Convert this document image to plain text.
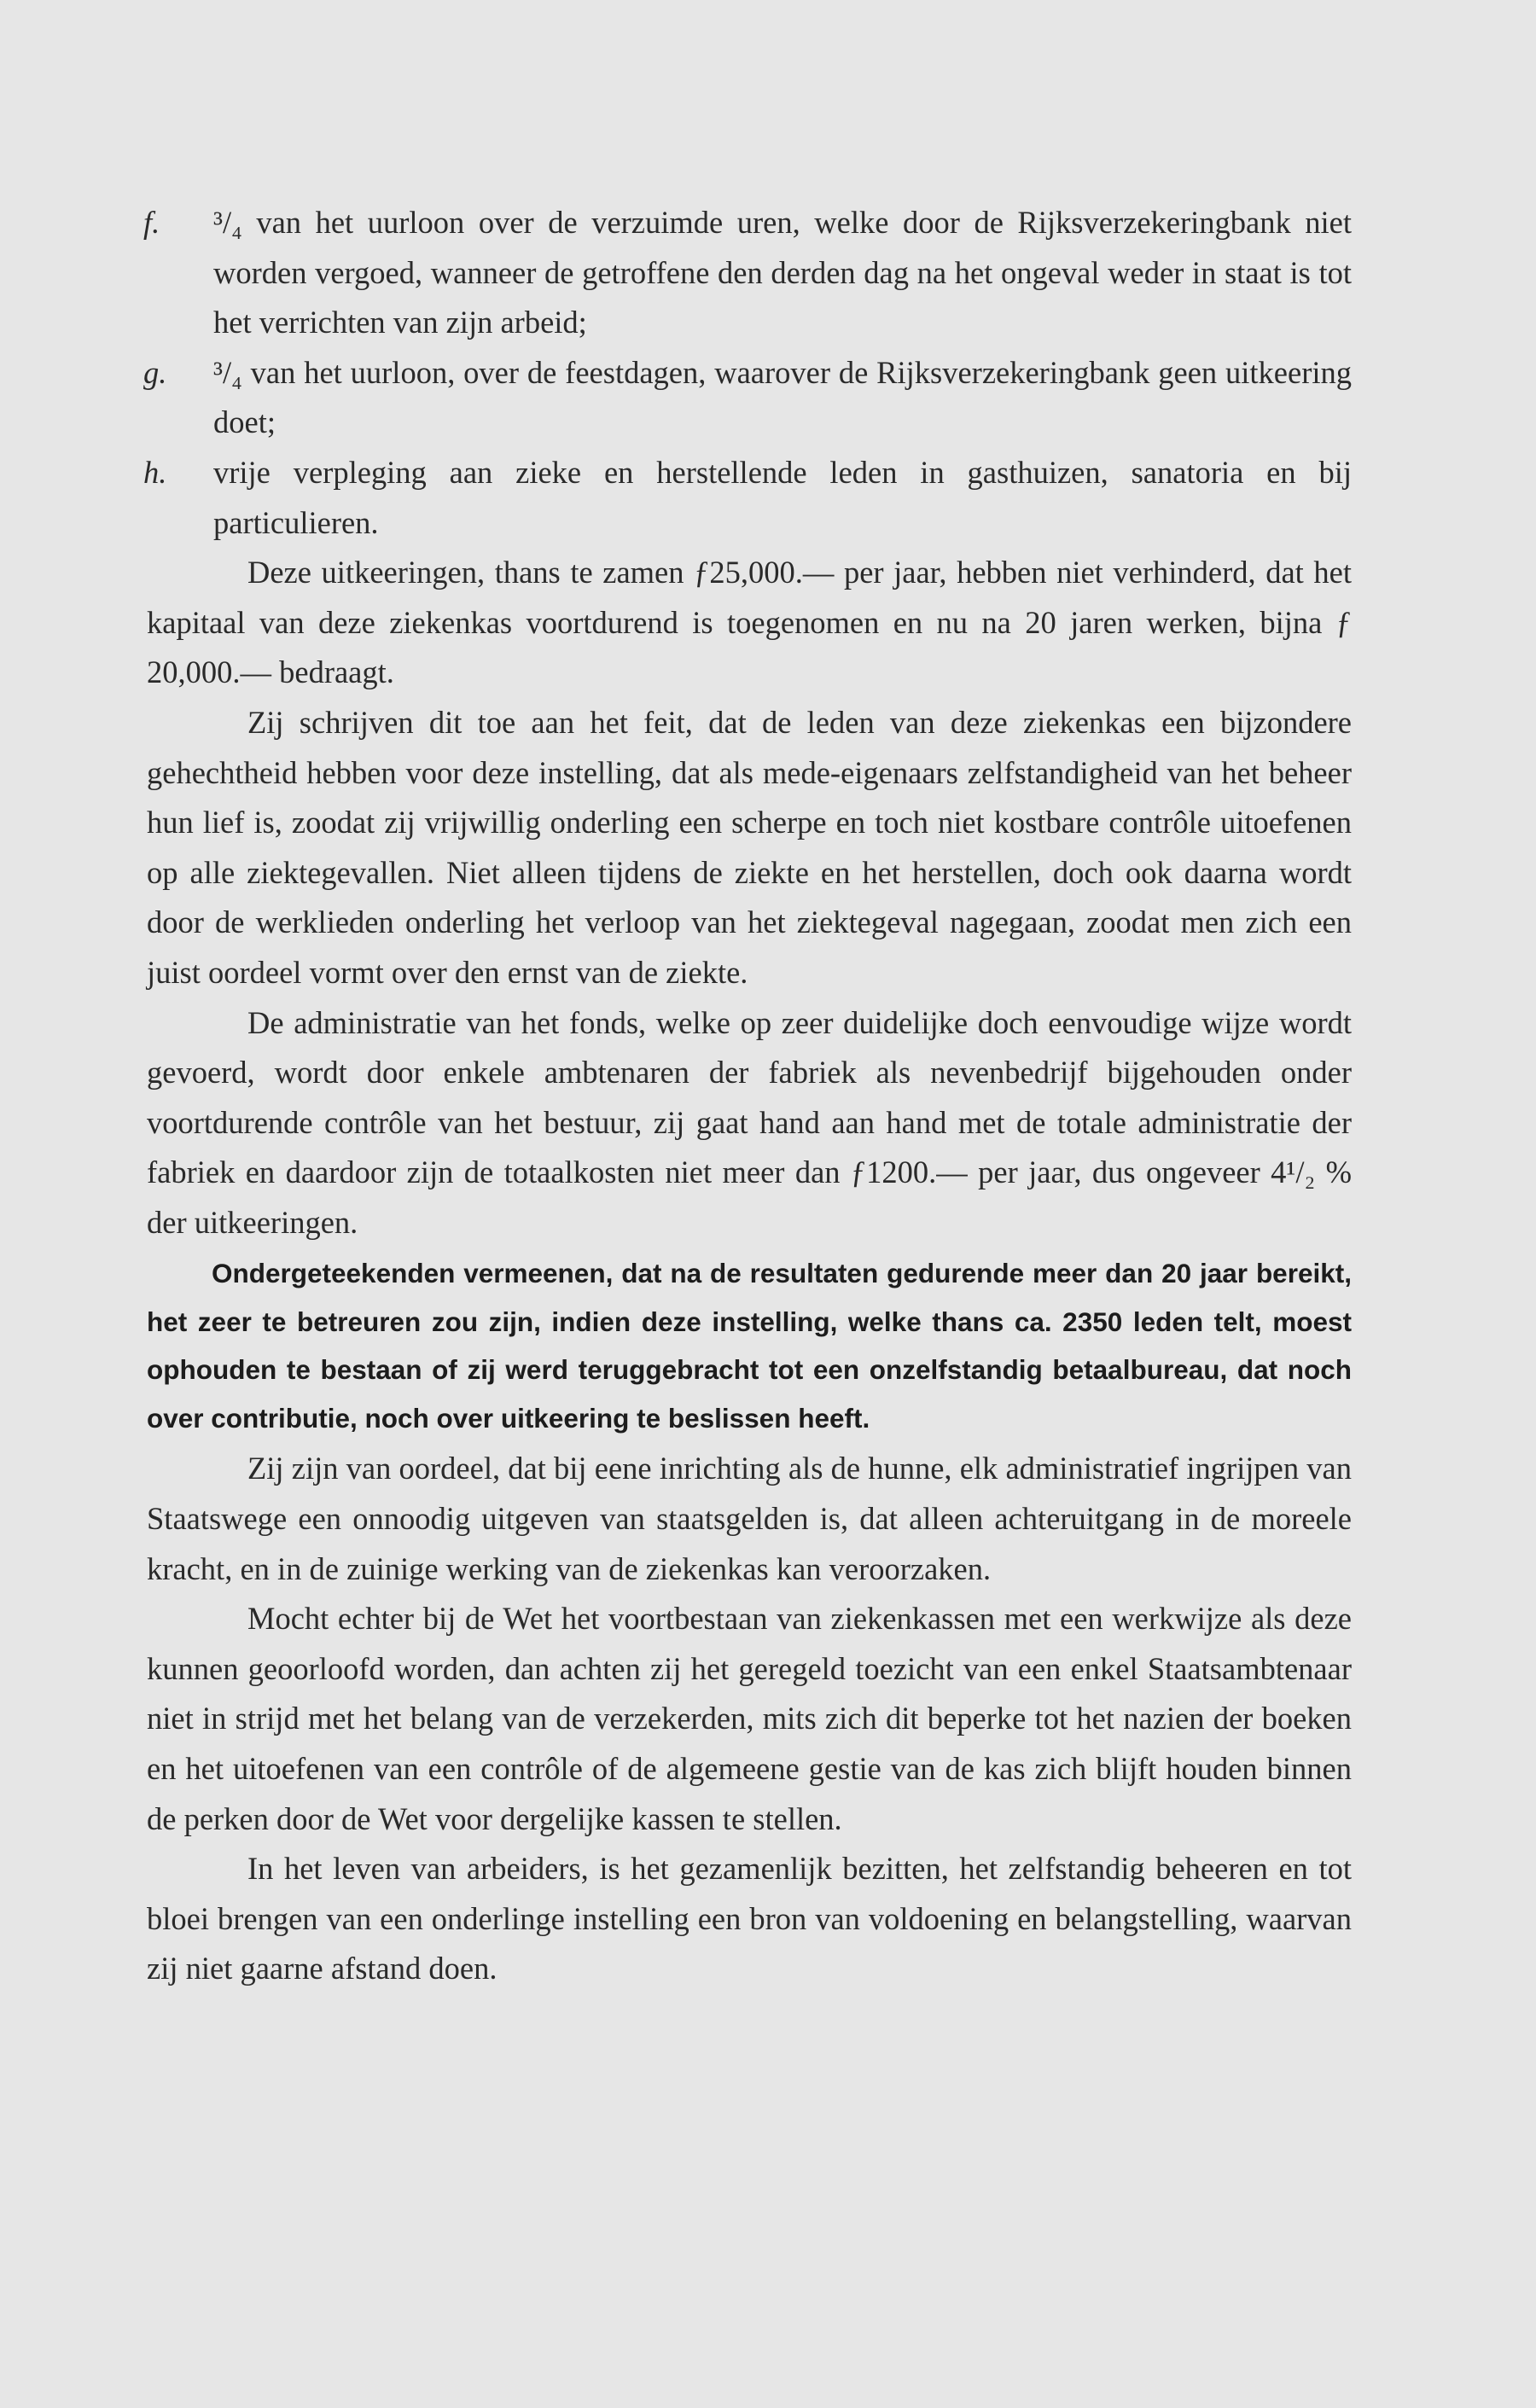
f. ³/₄ van het uurloon over de verzuimde uren, welke door de Rijksverzekeringbank niet worden vergoed, wanneer de getroffene den derden dag na het ongeval weder in staat is tot het verrichten van zijn arbeid;
g. ³/₄ van het uurloon, over de feestdagen, waarover de Rijksverzekeringbank geen uitkeering doet;
h. vrije verpleging aan zieke en herstellende leden in gasthuizen, sanatoria en bij particulieren.

Deze uitkeeringen, thans te zamen ƒ25,000.— per jaar, hebben niet verhinderd, dat het kapitaal van deze ziekenkas voortdurend is toegenomen en nu na 20 jaren werken, bijna ƒ 20,000.— bedraagt.

Zij schrijven dit toe aan het feit, dat de leden van deze ziekenkas een bijzondere gehechtheid hebben voor deze instelling, dat als mede-eigenaars zelfstandigheid van het beheer hun lief is, zoodat zij vrijwillig onderling een scherpe en toch niet kostbare contrôle uitoefenen op alle ziektegevallen. Niet alleen tijdens de ziekte en het herstellen, doch ook daarna wordt door de werklieden onderling het verloop van het ziektegeval nagegaan, zoodat men zich een juist oordeel vormt over den ernst van de ziekte.

De administratie van het fonds, welke op zeer duidelijke doch eenvoudige wijze wordt gevoerd, wordt door enkele ambtenaren der fabriek als nevenbedrijf bijgehouden onder voortdurende contrôle van het bestuur, zij gaat hand aan hand met de totale administratie der fabriek en daardoor zijn de totaalkosten niet meer dan ƒ1200.— per jaar, dus ongeveer 4¹/₂ % der uitkeeringen.

Ondergeteekenden vermeenen, dat na de resultaten gedurende meer dan 20 jaar bereikt, het zeer te betreuren zou zijn, indien deze instelling, welke thans ca. 2350 leden telt, moest ophouden te bestaan of zij werd teruggebracht tot een onzelfstandig betaalbureau, dat noch over contributie, noch over uitkeering te beslissen heeft.

Zij zijn van oordeel, dat bij eene inrichting als de hunne, elk administratief ingrijpen van Staatswege een onnoodig uitgeven van staatsgelden is, dat alleen achteruitgang in de moreele kracht, en in de zuinige werking van de ziekenkas kan veroorzaken.

Mocht echter bij de Wet het voortbestaan van ziekenkassen met een werkwijze als deze kunnen geoorloofd worden, dan achten zij het geregeld toezicht van een enkel Staatsambtenaar niet in strijd met het belang van de verzekerden, mits zich dit beperke tot het nazien der boeken en het uitoefenen van een contrôle of de algemeene gestie van de kas zich blijft houden binnen de perken door de Wet voor dergelijke kassen te stellen.

In het leven van arbeiders, is het gezamenlijk bezitten, het zelfstandig beheeren en tot bloei brengen van een onderlinge instelling een bron van voldoening en belangstelling, waarvan zij niet gaarne afstand doen.
